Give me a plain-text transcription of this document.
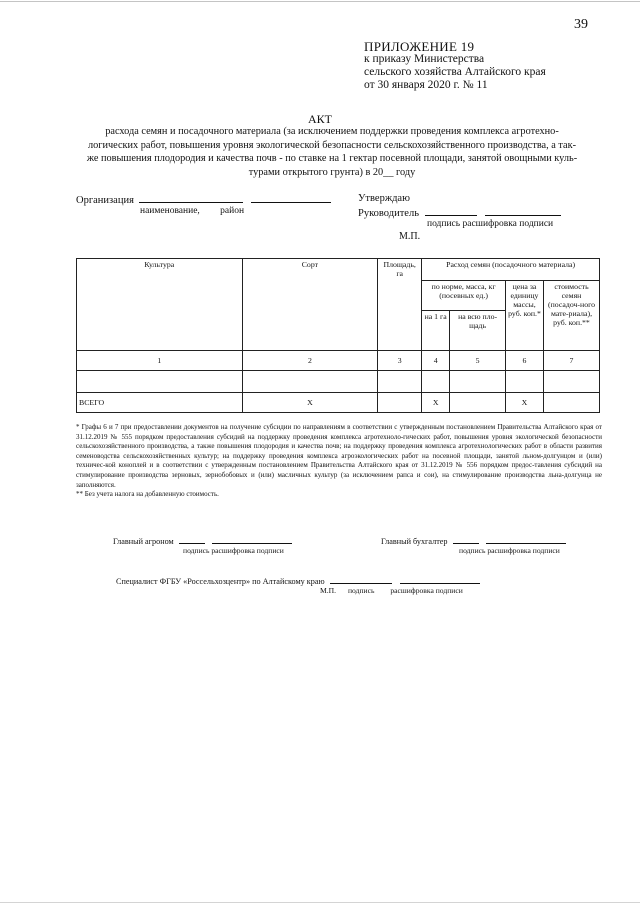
39
ПРИЛОЖЕНИЕ 19
к приказу Министерства
сельского хозяйства Алтайского края
от 30 января 2020 г. № 11
АКТ
расхода семян и посадочного материала (за исключением поддержки проведения комплекса агротехно-
логических работ, повышения уровня экологической безопасности сельскохозяйственного производства, а так-
же повышения плодородия и качества почв - по ставке на 1 гектар посевной площади, занятой овощными куль-
турами открытого грунта) в 20__ году
Организация
наименование, район
Утверждаю
Руководитель
подпись расшифровка подписи
М.П.
Культура	Сорт	Площадь, га	Расход семян (посадочного материала)			
			по нормe, масса, кг (посевных ед.)		цена за единицу массы, руб. коп.*	стоимость семян (посадоч-ного мате-риала), руб. коп.**
			на 1 га	на всю пло-щадь		
1	2	3	4	5	6	7

ВСЕГО	Х		Х		Х	
* Графы 6 и 7 при предоставлении документов на получение субсидии по направлениям в соответствии с утвержденным постановлением Правительства Алтайского края от 31.12.2019 № 555 порядком предоставления субсидий на поддержку проведения комплекса агротехноло-гических работ, повышения уровня экологической безопасности сельскохозяйственного производства, а также повышения плодородия и качества почв; на поддержку проведения комплекса агротехнологических работ в области развития семеноводства сельскохозяйственных культур; на поддержку проведения комплекса агроэкологических работ на посевной площади, занятой льном-долгунцом и (или) техничес-кой коноплей и в соответствии с утвержденным постановлением Правительства Алтайского края от 31.12.2019 № 556 порядком предос-тавления субсидий на стимулирование производства зерновых, зернобобовых и (или) масличных культур (за исключением рапса и сои), на стимулирование производства льна-долгунца не заполняются.
** Без учета налога на добавленную стоимость.
Главный агроном
подпись расшифровка подписи
Главный бухгалтер
подпись расшифровка подписи
Специалист ФГБУ «Россельхозцентр» по Алтайскому краю
М.П. подпись расшифровка подписи
